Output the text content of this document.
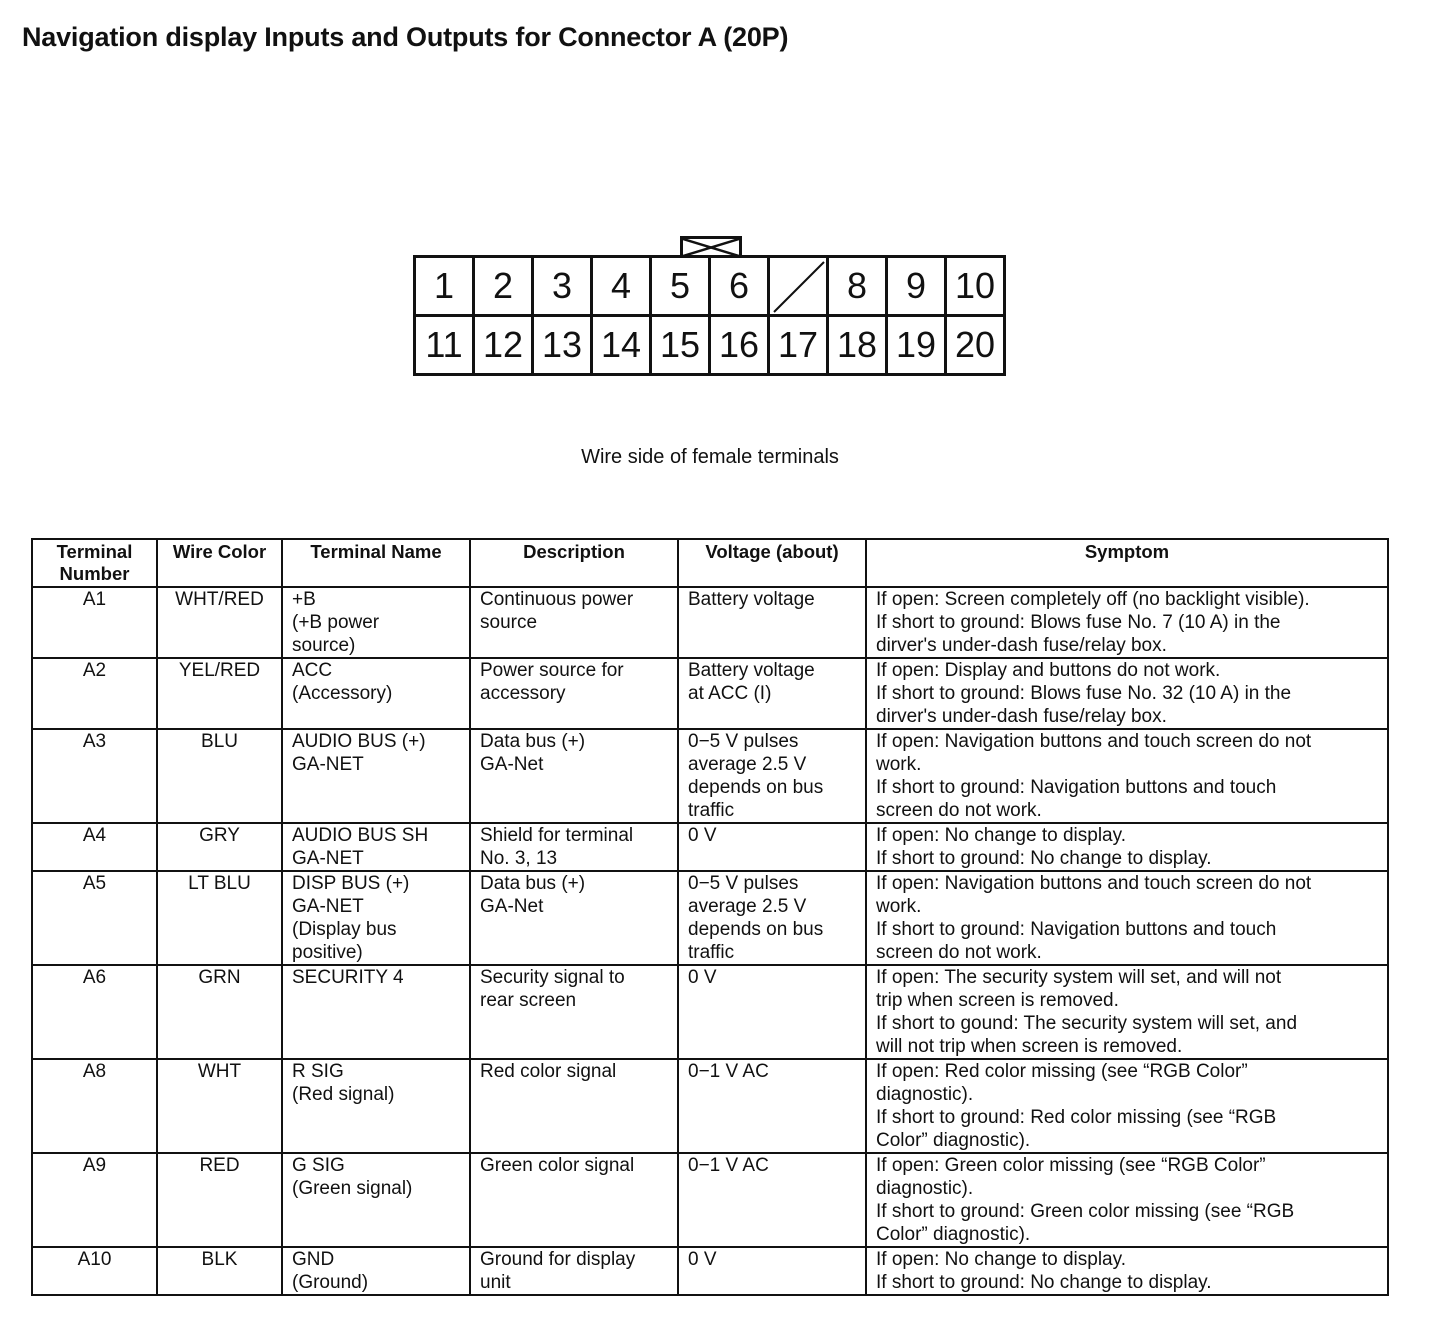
Navigation display Inputs and Outputs for Connector A (20P)
1	2	3	4	5	6	8	9 10
11 12 13 14 15 16 17 18 19 20
Wire side of female terminals
Terminal
Number	Wire Color	Terminal Name	Description	Voltage (about)	Symptom
A1	WHT/RED	+B
(+B power
source)	Continuous power
source	Battery voltage	If open: Screen completely off (no backlight visible).
If short to ground: Blows fuse No. 7 (10 A) in the
dirver's under-dash fuse/relay box.

A2	YEL/RED	ACC
(Accessory)	Power source for
accessory	Battery voltage
at ACC (I)	If open: Display and buttons do not work.
If short to ground: Blows fuse No. 32 (10 A) in the
dirver's under-dash fuse/relay box.

A3	BLU	AUDIO BUS (+)
GA-NET	Data bus (+)
GA-Net	0−5 V pulses
average 2.5 V
depends on bus
traffic	If open: Navigation buttons and touch screen do not
work.
If short to ground: Navigation buttons and touch
screen do not work.

A4	GRY	AUDIO BUS SH
GA-NET	Shield for terminal
No. 3, 13	0 V	If open: No change to display.
If short to ground: No change to display.

A5	LT BLU	DISP BUS (+)
GA-NET
(Display bus
positive)	Data bus (+)
GA-Net	0−5 V pulses
average 2.5 V
depends on bus
traffic	If open: Navigation buttons and touch screen do not
work.
If short to ground: Navigation buttons and touch
screen do not work.

A6	GRN	SECURITY 4	Security signal to
rear screen	0 V	If open: The security system will set, and will not
trip when screen is removed.
If short to gound: The security system will set, and
will not trip when screen is removed.

A8	WHT	R SIG
(Red signal)	Red color signal	0−1 V AC	If open: Red color missing (see “RGB Color”
diagnostic).
If short to ground: Red color missing (see “RGB
Color” diagnostic).

A9	RED	G SIG
(Green signal)	Green color signal	0−1 V AC	If open: Green color missing (see “RGB Color”
diagnostic).
If short to ground: Green color missing (see “RGB
Color” diagnostic).

A10	BLK	GND
(Ground)	Ground for display
unit	0 V	If open: No change to display.
If short to ground: No change to display.
